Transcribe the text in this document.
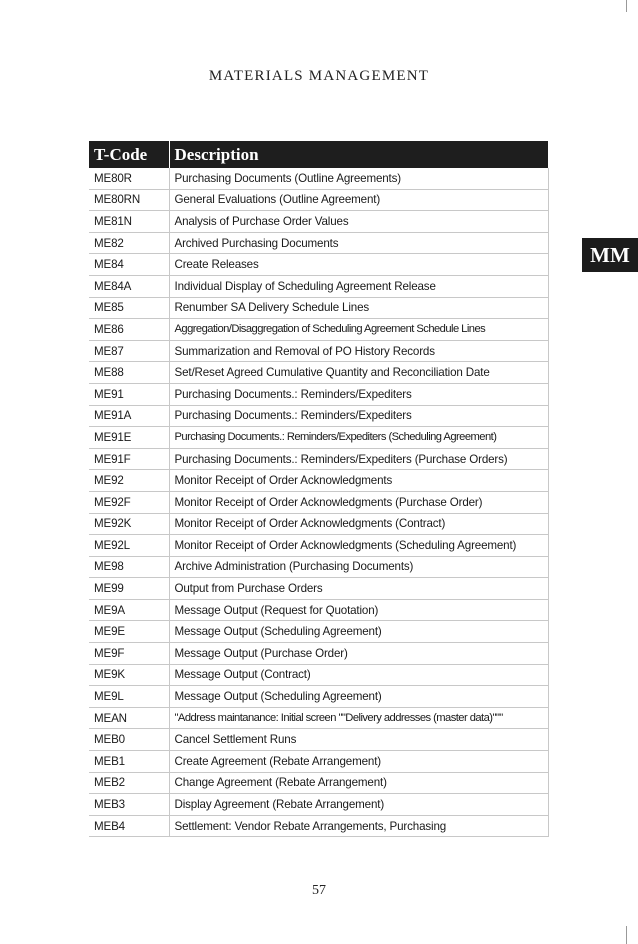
MATERIALS MANAGEMENT
MM
T-Code	Description
ME80R	Purchasing Documents (Outline Agreements)
ME80RN	General Evaluations (Outline Agreement)
ME81N	Analysis of Purchase Order Values
ME82	Archived Purchasing Documents
ME84	Create Releases
ME84A	Individual Display of Scheduling Agreement Release
ME85	Renumber SA Delivery Schedule Lines
ME86	Aggregation/Disaggregation of Scheduling Agreement Schedule Lines
ME87	Summarization and Removal of PO History Records
ME88	Set/Reset Agreed Cumulative Quantity and Reconciliation Date
ME91	Purchasing Documents.: Reminders/Expediters
ME91A	Purchasing Documents.: Reminders/Expediters
ME91E	Purchasing Documents.: Reminders/Expediters (Scheduling Agreement)
ME91F	Purchasing Documents.: Reminders/Expediters (Purchase Orders)
ME92	Monitor Receipt of Order Acknowledgments
ME92F	Monitor Receipt of Order Acknowledgments (Purchase Order)
ME92K	Monitor Receipt of Order Acknowledgments (Contract)
ME92L	Monitor Receipt of Order Acknowledgments (Scheduling Agreement)
ME98	Archive Administration (Purchasing Documents)
ME99	Output from Purchase Orders
ME9A	Message Output (Request for Quotation)
ME9E	Message Output (Scheduling Agreement)
ME9F	Message Output (Purchase Order)
ME9K	Message Output (Contract)
ME9L	Message Output (Scheduling Agreement)
MEAN	"Address maintanance: Initial screen ""Delivery addresses (master data)"""
MEB0	Cancel Settlement Runs
MEB1	Create Agreement (Rebate Arrangement)
MEB2	Change Agreement (Rebate Arrangement)
MEB3	Display Agreement (Rebate Arrangement)
MEB4	Settlement: Vendor Rebate Arrangements, Purchasing
57
